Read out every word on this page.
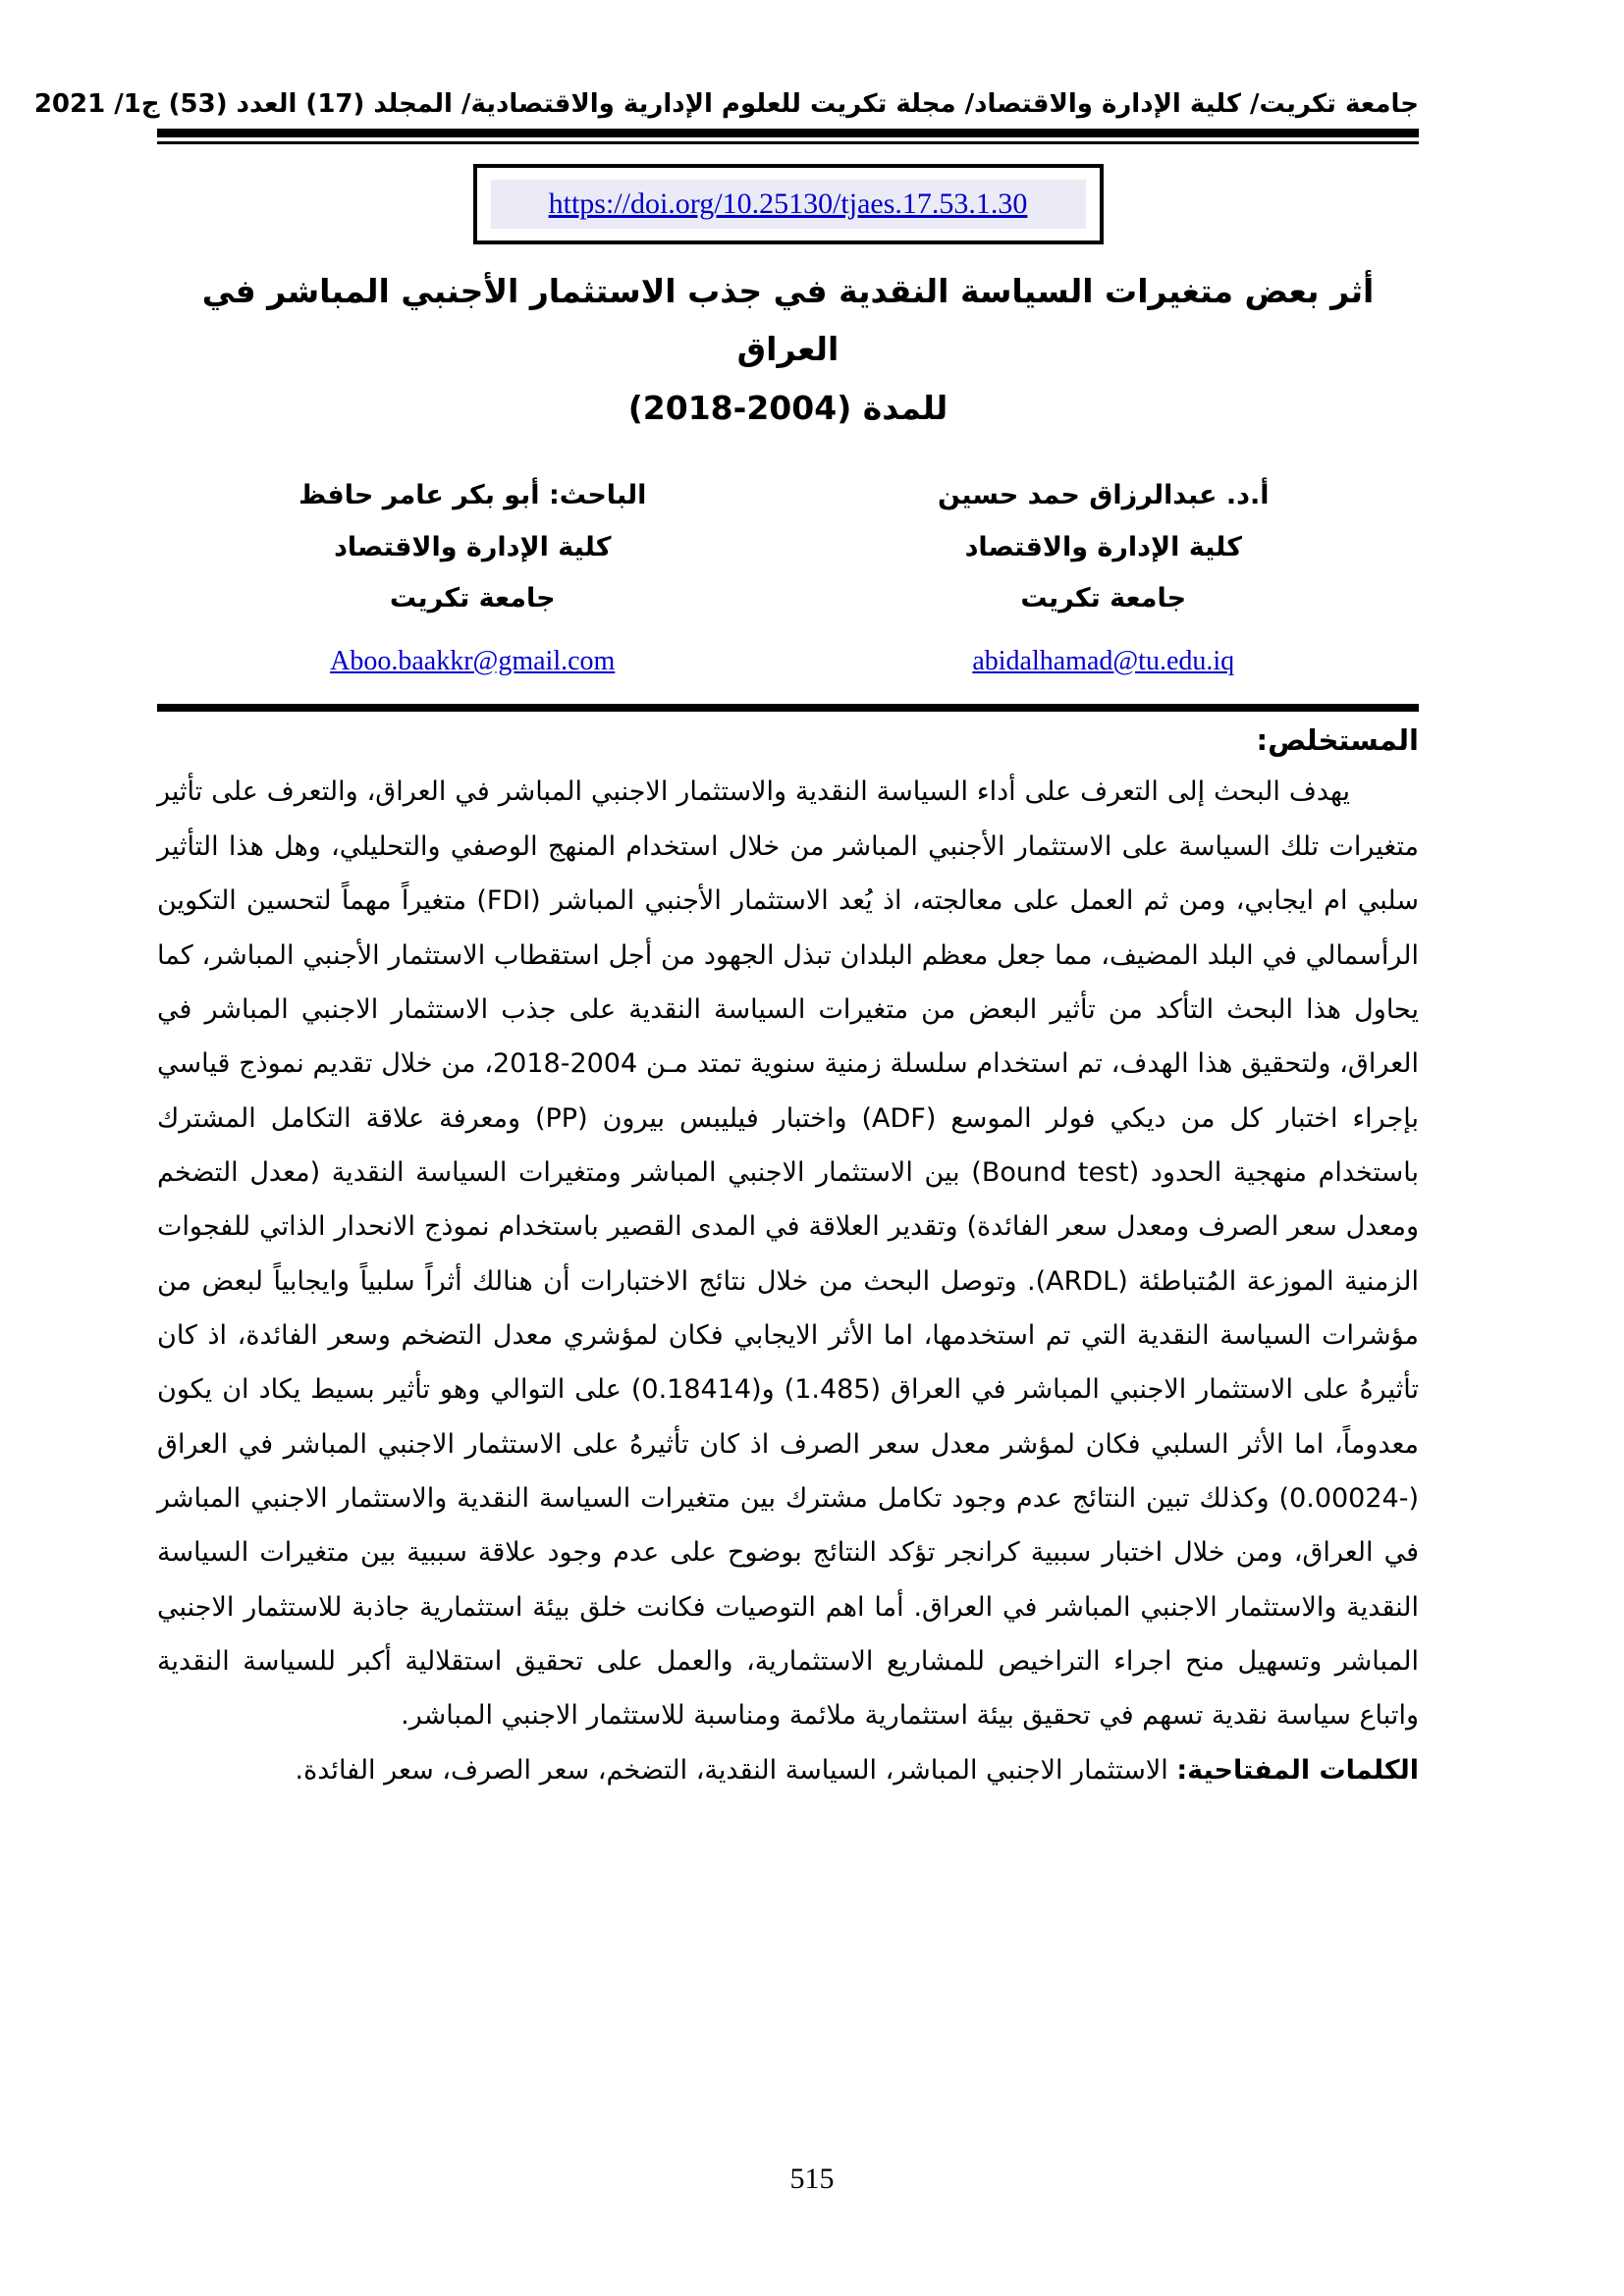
جامعة تكريت/ كلية الإدارة والاقتصاد/ مجلة تكريت للعلوم الإدارية والاقتصادية/ المجلد (17) العدد (53) ج1/ 2021
https://doi.org/10.25130/tjaes.17.53.1.30
أثر بعض متغيرات السياسة النقدية في جذب الاستثمار الأجنبي المباشر في العراق
للمدة (2004-2018)
أ.د. عبدالرزاق حمد حسين
كلية الإدارة والاقتصاد
جامعة تكريت
abidalhamad@tu.edu.iq
الباحث: أبو بكر عامر حافظ
كلية الإدارة والاقتصاد
جامعة تكريت
Aboo.baakkr@gmail.com
المستخلص:

يهدف البحث إلى التعرف على أداء السياسة النقدية والاستثمار الاجنبي المباشر في العراق، والتعرف على تأثير متغيرات تلك السياسة على الاستثمار الأجنبي المباشر من خلال استخدام المنهج الوصفي والتحليلي، وهل هذا التأثير سلبي ام ايجابي، ومن ثم العمل على معالجته، اذ يُعد الاستثمار الأجنبي المباشر (FDI) متغيراً مهماً لتحسين التكوين الرأسمالي في البلد المضيف، مما جعل معظم البلدان تبذل الجهود من أجل استقطاب الاستثمار الأجنبي المباشر، كما يحاول هذا البحث التأكد من تأثير البعض من متغيرات السياسة النقدية على جذب الاستثمار الاجنبي المباشر في العراق، ولتحقيق هذا الهدف، تم استخدام سلسلة زمنية سنوية تمتد مـن 2004-2018، من خلال تقديم نموذج قياسي بإجراء اختبار كل من ديكي فولر الموسع (ADF) واختبار فيليبس بيرون (PP) ومعرفة علاقة التكامل المشترك باستخدام منهجية الحدود (Bound test) بين الاستثمار الاجنبي المباشر ومتغيرات السياسة النقدية (معدل التضخم ومعدل سعر الصرف ومعدل سعر الفائدة) وتقدير العلاقة في المدى القصير باستخدام نموذج الانحدار الذاتي للفجوات الزمنية الموزعة المُتباطئة (ARDL). وتوصل البحث من خلال نتائج الاختبارات أن هنالك أثراً سلبياً وايجابياً لبعض من مؤشرات السياسة النقدية التي تم استخدمها، اما الأثر الايجابي فكان لمؤشري معدل التضخم وسعر الفائدة، اذ كان تأثيرهُ على الاستثمار الاجنبي المباشر في العراق (1.485) و(0.18414) على التوالي وهو تأثير بسيط يكاد ان يكون معدوماً، اما الأثر السلبي فكان لمؤشر معدل سعر الصرف اذ كان تأثيرهُ على الاستثمار الاجنبي المباشر في العراق (-0.00024) وكذلك تبين النتائج عدم وجود تكامل مشترك بين متغيرات السياسة النقدية والاستثمار الاجنبي المباشر في العراق، ومن خلال اختبار سببية كرانجر تؤكد النتائج بوضوح على عدم وجود علاقة سببية بين متغيرات السياسة النقدية والاستثمار الاجنبي المباشر في العراق. أما اهم التوصيات فكانت خلق بيئة استثمارية جاذبة للاستثمار الاجنبي المباشر وتسهيل منح اجراء التراخيص للمشاريع الاستثمارية، والعمل على تحقيق استقلالية أكبر للسياسة النقدية واتباع سياسة نقدية تسهم في تحقيق بيئة استثمارية ملائمة ومناسبة للاستثمار الاجنبي المباشر.

الكلمات المفتاحية: الاستثمار الاجنبي المباشر، السياسة النقدية، التضخم، سعر الصرف، سعر الفائدة.

515
